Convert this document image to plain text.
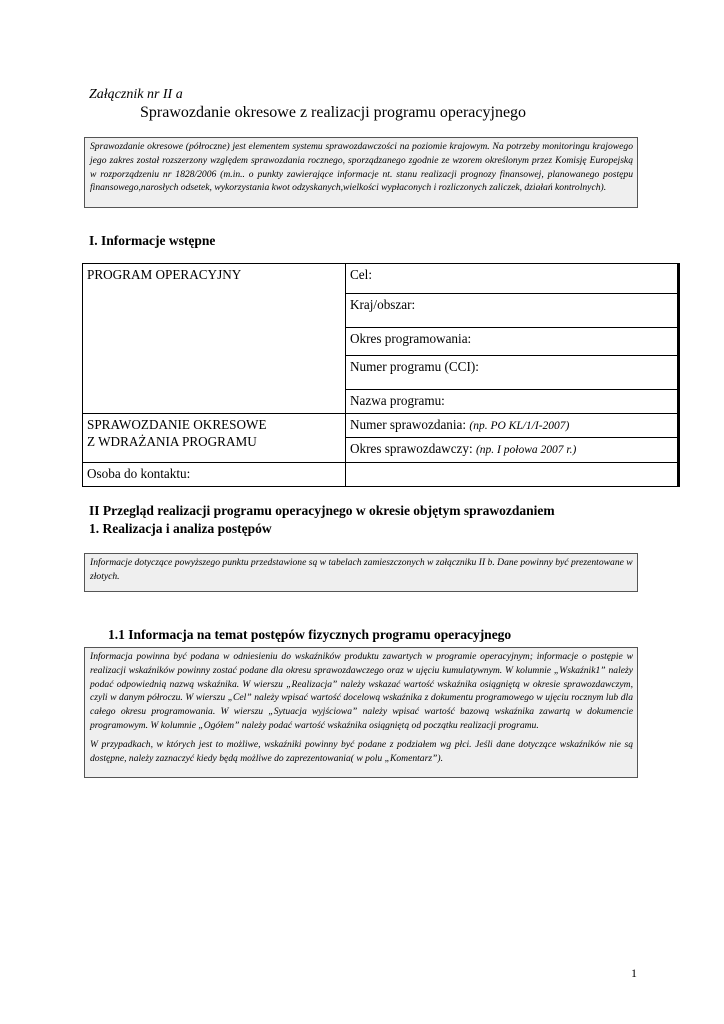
Załącznik nr II a
Sprawozdanie okresowe z realizacji programu operacyjnego

Sprawozdanie okresowe (półroczne) jest elementem systemu sprawozdawczości na poziomie krajowym. Na potrzeby monitoringu krajowego jego zakres został rozszerzony względem sprawozdania rocznego, sporządzanego zgodnie ze wzorem określonym przez Komisję Europejską w rozporządzeniu nr 1828/2006 (m.in.. o punkty zawierające informacje nt. stanu realizacji prognozy finansowej, planowanego postępu finansowego,narosłych odsetek, wykorzystania kwot odzyskanych,wielkości wypłaconych i rozliczonych zaliczek, działań kontrolnych).

I. Informacje wstępne
PROGRAM OPERACYJNY	Cel:
	Kraj/obszar:
	Okres programowania:
	Numer programu (CCI):
	Nazwa programu:
SPRAWOZDANIE OKRESOWE
Z WDRAŻANIA PROGRAMU	Numer sprawozdania: (np. PO KL/1/I-2007)
	Okres sprawozdawczy: (np. I połowa 2007 r.)
Osoba do kontaktu:	
II Przegląd realizacji programu operacyjnego w okresie objętym sprawozdaniem
1. Realizacja i analiza postępów

Informacje dotyczące powyższego punktu przedstawione są w tabelach zamieszczonych w załączniku II b. Dane powinny być prezentowane w złotych.

1.1 Informacja na temat postępów fizycznych programu operacyjnego

Informacja powinna być podana w odniesieniu do wskaźników produktu zawartych w programie operacyjnym; informacje o postępie w realizacji wskaźników powinny zostać podane dla okresu sprawozdawczego oraz w ujęciu kumulatywnym. W kolumnie „Wskaźnik1” należy podać odpowiednią nazwą wskaźnika. W wierszu „Realizacja” należy wskazać wartość wskaźnika osiągniętą w okresie sprawozdawczym, czyli w danym półroczu. W wierszu „Cel” należy wpisać wartość docelową wskaźnika z dokumentu programowego w ujęciu rocznym lub dla całego okresu programowania. W wierszu „Sytuacja wyjściowa” należy wpisać wartość bazową wskaźnika zawartą w dokumencie programowym. W kolumnie „Ogółem” należy podać wartość wskaźnika osiągniętą od początku realizacji programu.

W przypadkach, w których jest to możliwe, wskaźniki powinny być podane z podziałem wg płci. Jeśli dane dotyczące wskaźników nie są dostępne, należy zaznaczyć kiedy będą możliwe do zaprezentowania( w polu „Komentarz”).

1
